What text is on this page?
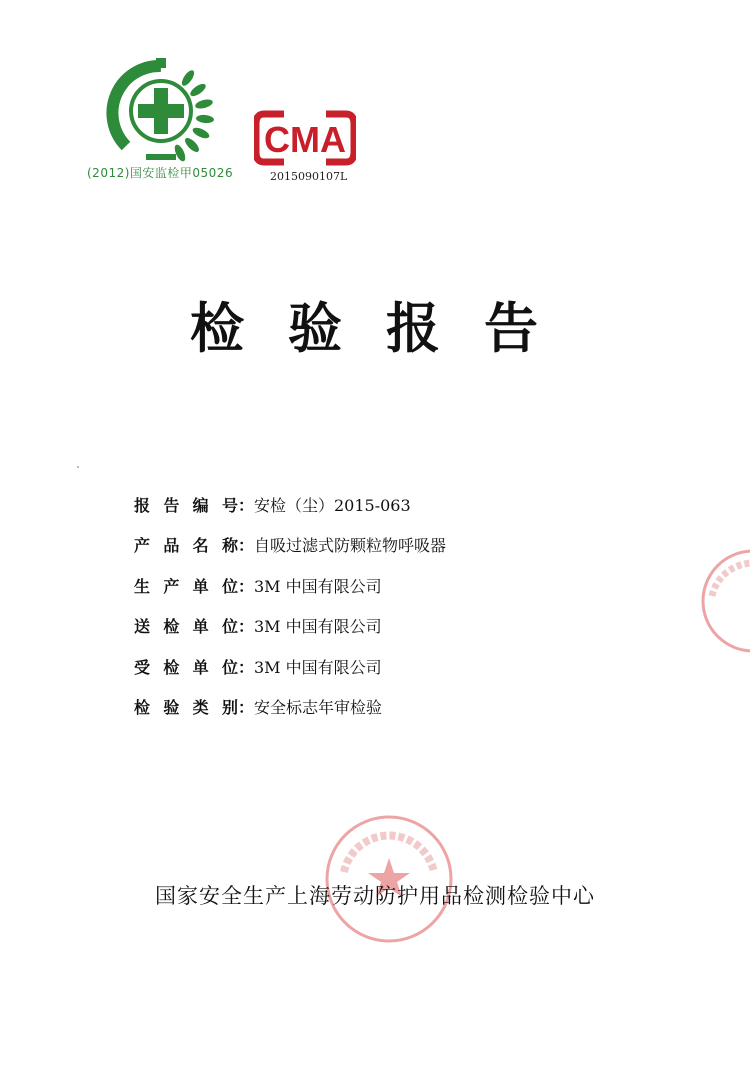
(2012)国安监检甲05026
CMA
2015090107L
检验报告
报 告 编 号 ： 安检（尘）2015-063
产 品 名 称 ： 自吸过滤式防颗粒物呼吸器
生 产 单 位 ： 3M 中国有限公司
送 检 单 位 ： 3M 中国有限公司
受 检 单 位 ： 3M 中国有限公司
检 验 类 别 ： 安全标志年审检验
国家安全生产上海劳动防护用品检测检验中心
